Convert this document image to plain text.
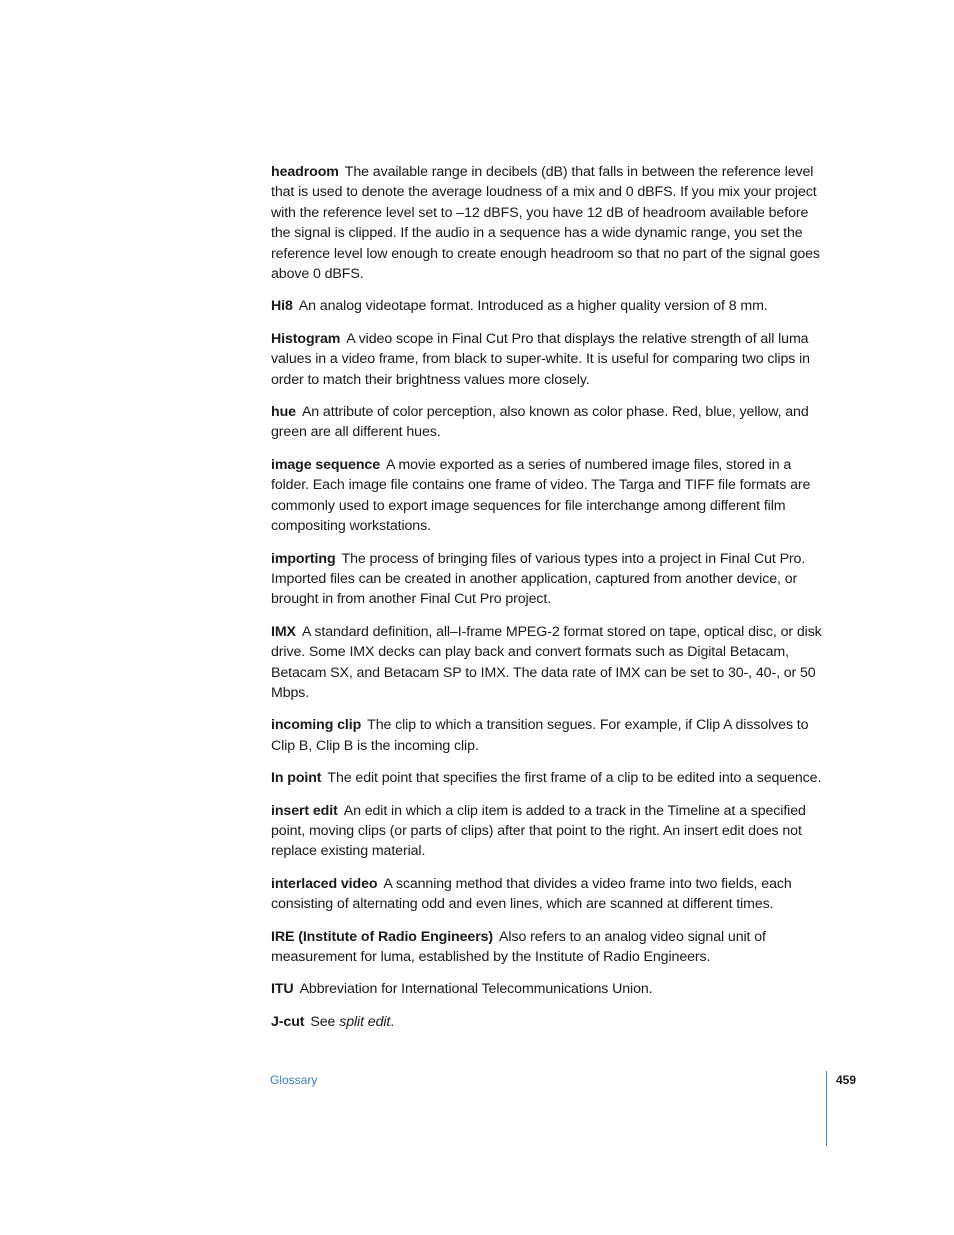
headroom The available range in decibels (dB) that falls in between the reference level that is used to denote the average loudness of a mix and 0 dBFS. If you mix your project with the reference level set to –12 dBFS, you have 12 dB of headroom available before the signal is clipped. If the audio in a sequence has a wide dynamic range, you set the reference level low enough to create enough headroom so that no part of the signal goes above 0 dBFS.

Hi8 An analog videotape format. Introduced as a higher quality version of 8 mm.

Histogram A video scope in Final Cut Pro that displays the relative strength of all luma values in a video frame, from black to super-white. It is useful for comparing two clips in order to match their brightness values more closely.

hue An attribute of color perception, also known as color phase. Red, blue, yellow, and green are all different hues.

image sequence A movie exported as a series of numbered image files, stored in a folder. Each image file contains one frame of video. The Targa and TIFF file formats are commonly used to export image sequences for file interchange among different film compositing workstations.

importing The process of bringing files of various types into a project in Final Cut Pro. Imported files can be created in another application, captured from another device, or brought in from another Final Cut Pro project.

IMX A standard definition, all–I-frame MPEG-2 format stored on tape, optical disc, or disk drive. Some IMX decks can play back and convert formats such as Digital Betacam, Betacam SX, and Betacam SP to IMX. The data rate of IMX can be set to 30-, 40-, or 50 Mbps.

incoming clip The clip to which a transition segues. For example, if Clip A dissolves to Clip B, Clip B is the incoming clip.

In point The edit point that specifies the first frame of a clip to be edited into a sequence.

insert edit An edit in which a clip item is added to a track in the Timeline at a specified point, moving clips (or parts of clips) after that point to the right. An insert edit does not replace existing material.

interlaced video A scanning method that divides a video frame into two fields, each consisting of alternating odd and even lines, which are scanned at different times.

IRE (Institute of Radio Engineers) Also refers to an analog video signal unit of measurement for luma, established by the Institute of Radio Engineers.

ITU Abbreviation for International Telecommunications Union.

J-cut See split edit.

Glossary	459
